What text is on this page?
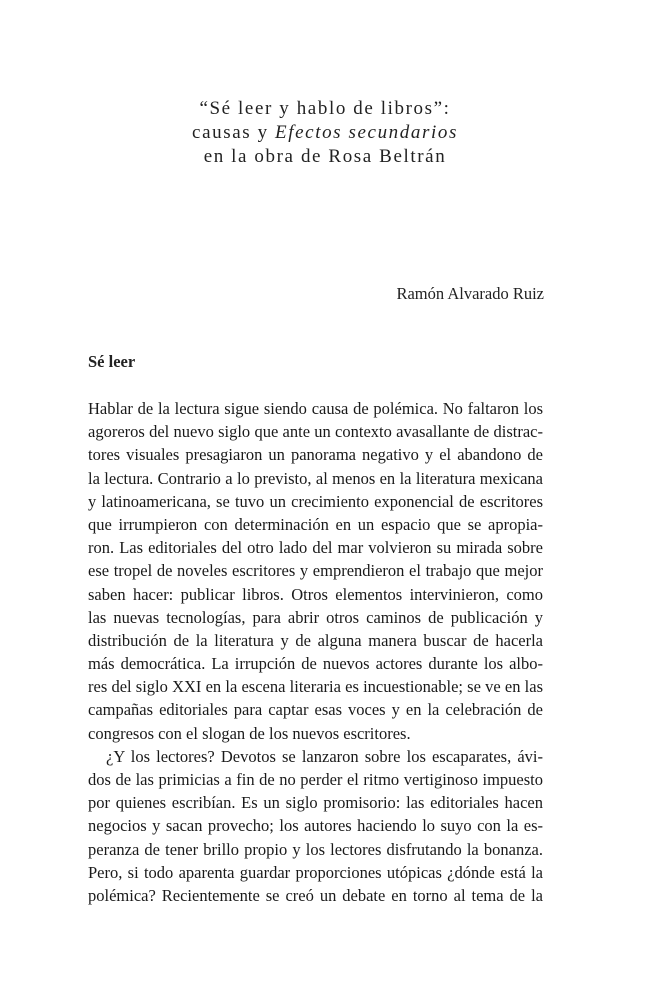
“Sé leer y hablo de libros”:
causas y Efectos secundarios
en la obra de Rosa Beltrán
Ramón Alvarado Ruiz
Sé leer
Hablar de la lectura sigue siendo causa de polémica. No faltaron los
agoreros del nuevo siglo que ante un contexto avasallante de distrac-
tores visuales presagiaron un panorama negativo y el abandono de
la lectura. Contrario a lo previsto, al menos en la literatura mexicana
y latinoamericana, se tuvo un crecimiento exponencial de escritores
que irrumpieron con determinación en un espacio que se apropia-
ron. Las editoriales del otro lado del mar volvieron su mirada sobre
ese tropel de noveles escritores y emprendieron el trabajo que mejor
saben hacer: publicar libros. Otros elementos intervinieron, como
las nuevas tecnologías, para abrir otros caminos de publicación y
distribución de la literatura y de alguna manera buscar de hacerla
más democrática. La irrupción de nuevos actores durante los albo-
res del siglo XXI en la escena literaria es incuestionable; se ve en las
campañas editoriales para captar esas voces y en la celebración de
congresos con el slogan de los nuevos escritores.
¿Y los lectores? Devotos se lanzaron sobre los escaparates, ávi-
dos de las primicias a fin de no perder el ritmo vertiginoso impuesto
por quienes escribían. Es un siglo promisorio: las editoriales hacen
negocios y sacan provecho; los autores haciendo lo suyo con la es-
peranza de tener brillo propio y los lectores disfrutando la bonanza.
Pero, si todo aparenta guardar proporciones utópicas ¿dónde está la
polémica? Recientemente se creó un debate en torno al tema de la
